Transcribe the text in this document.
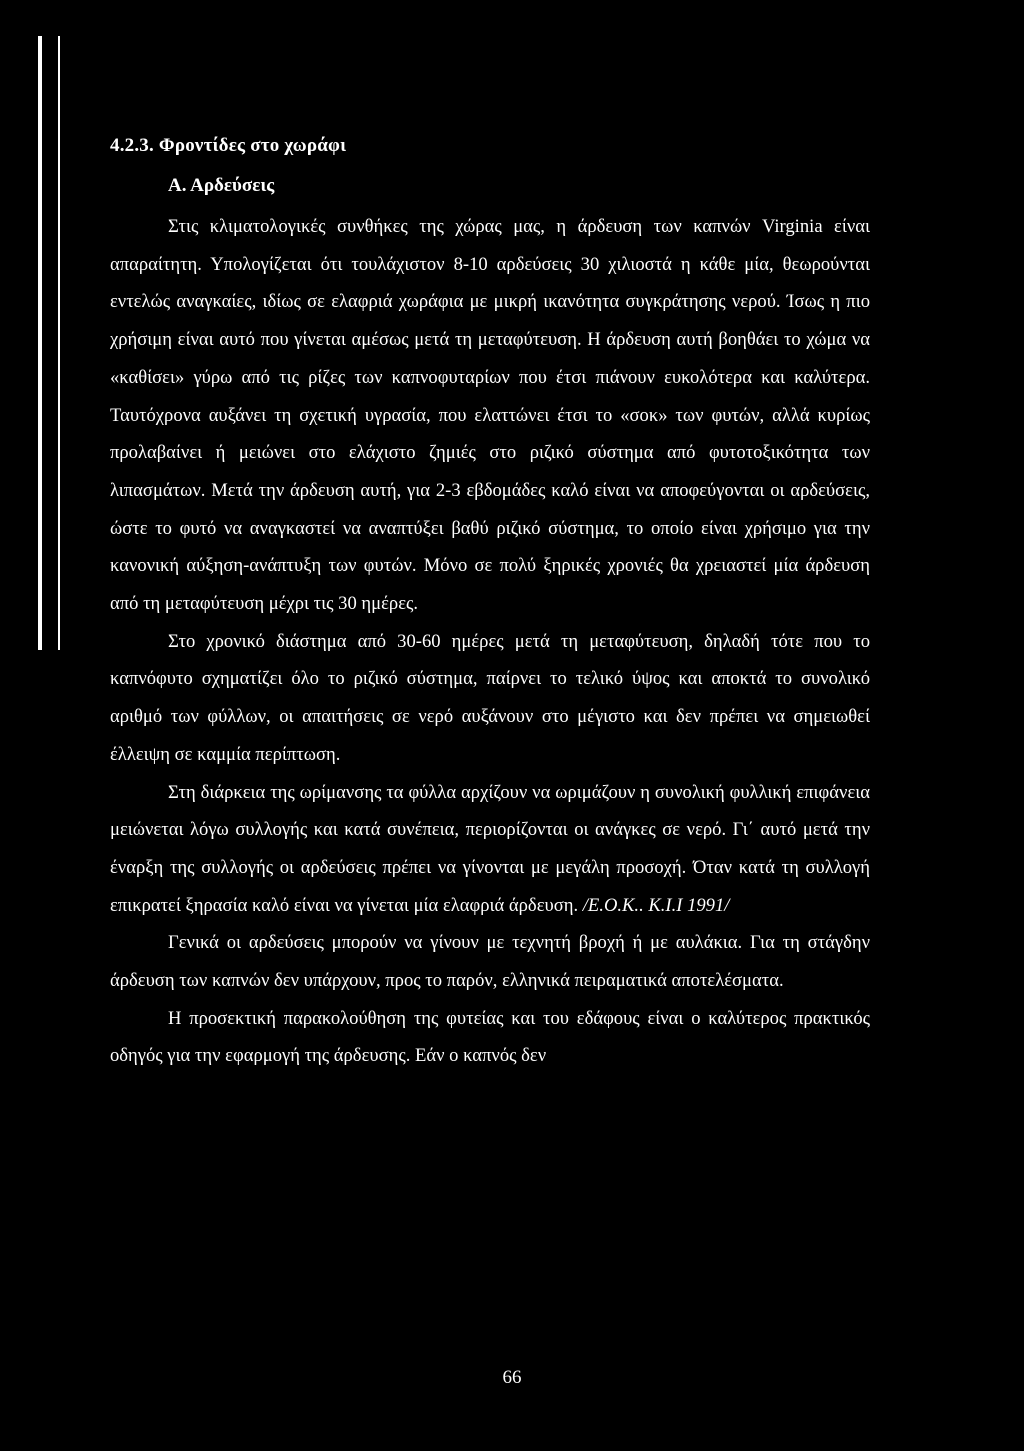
4.2.3. Φροντίδες στο χωράφι
Α. Αρδεύσεις

Στις κλιματολογικές συνθήκες της χώρας μας, η άρδευση των καπνών Virginia είναι απαραίτητη. Υπολογίζεται ότι τουλάχιστον 8-10 αρδεύσεις 30 χιλιοστά η κάθε μία, θεωρούνται εντελώς αναγκαίες, ιδίως σε ελαφριά χωράφια με μικρή ικανότητα συγκράτησης νερού. Ίσως η πιο χρήσιμη είναι αυτό που γίνεται αμέσως μετά τη μεταφύτευση. Η άρδευση αυτή βοηθάει το χώμα να «καθίσει» γύρω από τις ρίζες των καπνοφυταρίων που έτσι πιάνουν ευκολότερα και καλύτερα. Ταυτόχρονα αυξάνει τη σχετική υγρασία, που ελαττώνει έτσι το «σοκ» των φυτών, αλλά κυρίως προλαβαίνει ή μειώνει στο ελάχιστο ζημιές στο ριζικό σύστημα από φυτοτοξικότητα των λιπασμάτων. Μετά την άρδευση αυτή, για 2-3 εβδομάδες καλό είναι να αποφεύγονται οι αρδεύσεις, ώστε το φυτό να αναγκαστεί να αναπτύξει βαθύ ριζικό σύστημα, το οποίο είναι χρήσιμο για την κανονική αύξηση-ανάπτυξη των φυτών. Μόνο σε πολύ ξηρικές χρονιές θα χρειαστεί μία άρδευση από τη μεταφύτευση μέχρι τις 30 ημέρες.

Στο χρονικό διάστημα από 30-60 ημέρες μετά τη μεταφύτευση, δηλαδή τότε που το καπνόφυτο σχηματίζει όλο το ριζικό σύστημα, παίρνει το τελικό ύψος και αποκτά το συνολικό αριθμό των φύλλων, οι απαιτήσεις σε νερό αυξάνουν στο μέγιστο και δεν πρέπει να σημειωθεί έλλειψη σε καμμία περίπτωση.

Στη διάρκεια της ωρίμανσης τα φύλλα αρχίζουν να ωριμάζουν η συνολική φυλλική επιφάνεια μειώνεται λόγω συλλογής και κατά συνέπεια, περιορίζονται οι ανάγκες σε νερό. Γι΄ αυτό μετά την έναρξη της συλλογής οι αρδεύσεις πρέπει να γίνονται με μεγάλη προσοχή. Όταν κατά τη συλλογή επικρατεί ξηρασία καλό είναι να γίνεται μία ελαφριά άρδευση. /Ε.Ο.Κ.. Κ.Ι.Ι 1991/

Γενικά οι αρδεύσεις μπορούν να γίνουν με τεχνητή βροχή ή με αυλάκια. Για τη στάγδην άρδευση των καπνών δεν υπάρχουν, προς το παρόν, ελληνικά πειραματικά αποτελέσματα.

Η προσεκτική παρακολούθηση της φυτείας και του εδάφους είναι ο καλύτερος πρακτικός οδηγός για την εφαρμογή της άρδευσης. Εάν ο καπνός δεν

66
